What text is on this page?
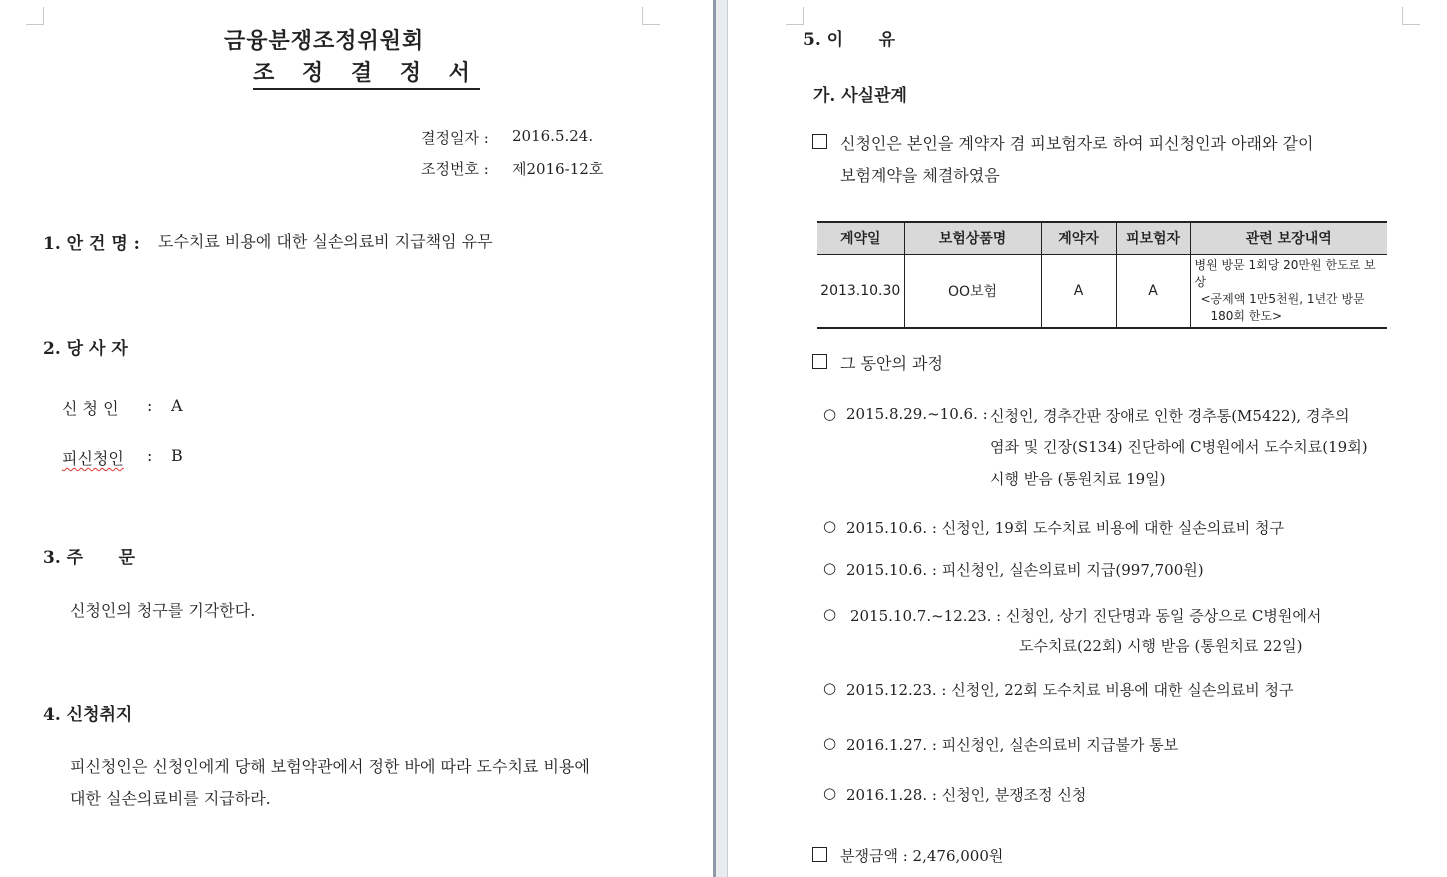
금융분쟁조정위원회
조 정 결 정 서
결정일자 : 2016.5.24.
조정번호 : 제2016-12호
1. 안 건 명 : 도수치료 비용에 대한 실손의료비 지급책임 유무
2. 당 사 자
신 청 인 : A
피신청인 : B
3. 주      문
신청인의 청구를 기각한다.
4. 신청취지
피신청인은 신청인에게 당해 보험약관에서 정한 바에 따라 도수치료 비용에
대한 실손의료비를 지급하라.
5. 이      유
가. 사실관계
신청인은 본인을 계약자 겸 피보험자로 하여 피신청인과 아래와 같이
보험계약을 체결하였음
계약일	보험상품명	계약자	피보험자	관련 보장내역
2013.10.30	OO보험	A	A	병원 방문 1회당 20만원 한도로 보상
<공제액 1만5천원, 1년간 방문
180회 한도>
그 동안의 과정
○ 2015.8.29.~10.6. : 신청인, 경추간판 장애로 인한 경추통(M5422), 경추의
염좌 및 긴장(S134) 진단하에 C병원에서 도수치료(19회)
시행 받음 (통원치료 19일)
○ 2015.10.6. : 신청인, 19회 도수치료 비용에 대한 실손의료비 청구
○ 2015.10.6. : 피신청인, 실손의료비 지급(997,700원)
○ 2015.10.7.~12.23. : 신청인, 상기 진단명과 동일 증상으로 C병원에서
도수치료(22회) 시행 받음 (통원치료 22일)
○ 2015.12.23. : 신청인, 22회 도수치료 비용에 대한 실손의료비 청구
○ 2016.1.27. : 피신청인, 실손의료비 지급불가 통보
○ 2016.1.28. : 신청인, 분쟁조정 신청
분쟁금액 : 2,476,000원
